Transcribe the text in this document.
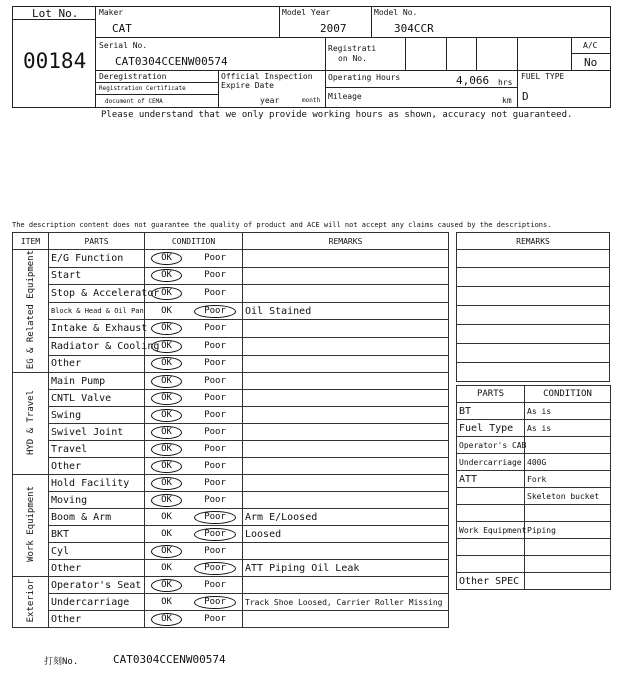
Lot No.
00184
Maker
CAT
Model Year
2007
Model No.
304CCR
Serial No.
CAT0304CCENW00574
Registrati
on No.
A/C
No
Deregistration
Registration Certificate
document of CEMA
Official Inspection
Expire Date
year	month
Operating Hours	4,066 hrs
Mileage	km
FUEL TYPE
D
Please understand that we only provide working hours as shown, accuracy not guaranteed.
The description content does not guarantee the quality of product and ACE will not accept any claims caused by the descriptions.
ITEM	PARTS	CONDITION	REMARKS
EG & Related Equipment	E/G Function	OK Poor	

	Start	OK Poor	

	Stop & Accelerator	OK Poor	

	Block & Head & Oil Pan	OK Poor	Oil Stained
	Intake & Exhaust	OK Poor	

	Radiator & Cooling	OK Poor	

	Other	OK Poor	

HYD & Travel	Main Pump	OK Poor	

	CNTL Valve	OK Poor	

	Swing	OK Poor	

	Swivel Joint	OK Poor	

	Travel	OK Poor	

	Other	OK Poor	

Work Equipment	Hold Facility	OK Poor	

	Moving	OK Poor	

	Boom & Arm	OK Poor	Arm E/Loosed
	BKT	OK Poor	Loosed
	Cyl	OK Poor	

	Other	OK Poor	ATT Piping Oil Leak
Exterior	Operator's Seat	OK Poor	

	Undercarriage	OK Poor	Track Shoe Loosed, Carrier Roller Missing
	Other	OK Poor	

REMARKS

PARTS	CONDITION
BT	As is
Fuel Type	As is
Operator's CAB	
Undercarriage	400G
ATT	Fork
	Skeleton bucket

Work Equipment	Piping

Other SPEC	
打刻No.	CAT0304CCENW00574
